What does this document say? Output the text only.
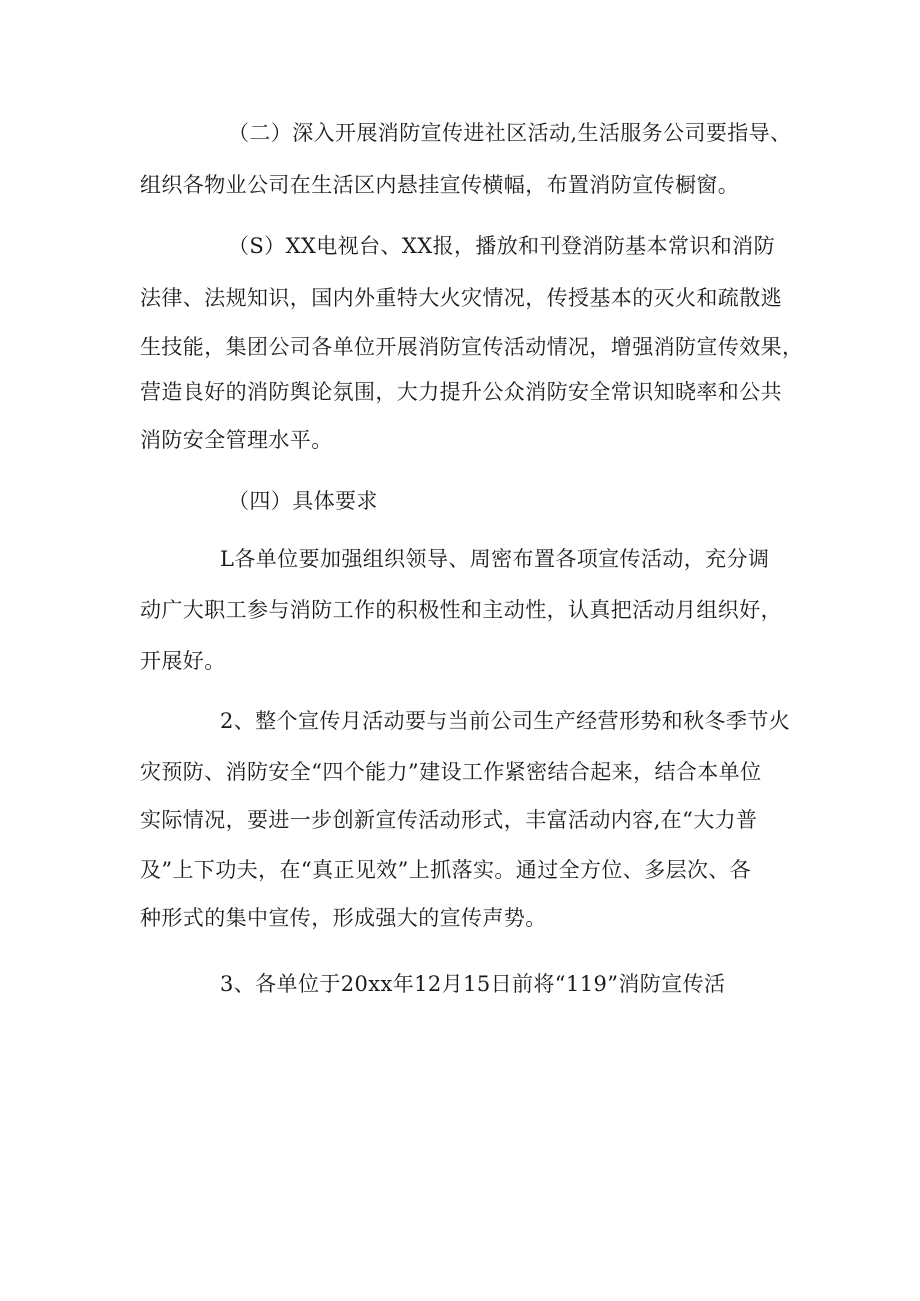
（二）深入开展消防宣传进社区活动,生活服务公司要指导、
组织各物业公司在生活区内悬挂宣传横幅，布置消防宣传橱窗。
（S）XX电视台、XX报，播放和刊登消防基本常识和消防
法律、法规知识，国内外重特大火灾情况，传授基本的灭火和疏散逃
生技能，集团公司各单位开展消防宣传活动情况，增强消防宣传效果，
营造良好的消防舆论氛围，大力提升公众消防安全常识知晓率和公共
消防安全管理水平。
（四）具体要求
L各单位要加强组织领导、周密布置各项宣传活动，充分调
动广大职工参与消防工作的积极性和主动性，认真把活动月组织好，
开展好。
2、整个宣传月活动要与当前公司生产经营形势和秋冬季节火
灾预防、消防安全“四个能力”建设工作紧密结合起来，结合本单位
实际情况，要进一步创新宣传活动形式，丰富活动内容,在“大力普
及”上下功夫，在“真正见效”上抓落实。通过全方位、多层次、各
种形式的集中宣传，形成强大的宣传声势。
3、各单位于20xx年12月15日前将“119”消防宣传活
